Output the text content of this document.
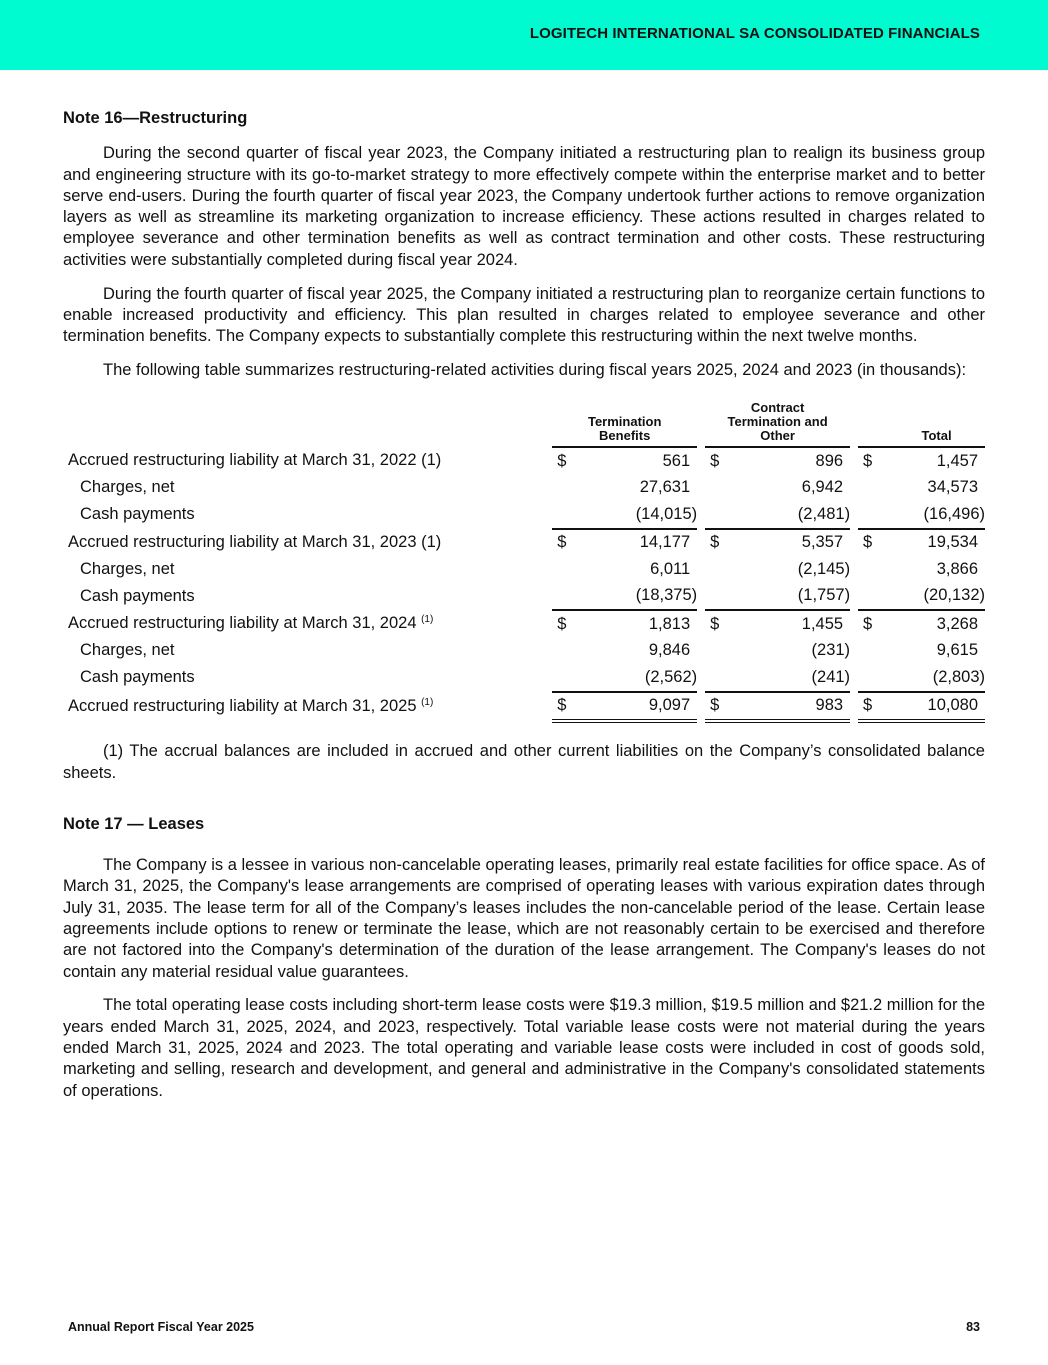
LOGITECH INTERNATIONAL SA CONSOLIDATED FINANCIALS
Note 16—Restructuring

During the second quarter of fiscal year 2023, the Company initiated a restructuring plan to realign its business group and engineering structure with its go-to-market strategy to more effectively compete within the enterprise market and to better serve end-users. During the fourth quarter of fiscal year 2023, the Company undertook further actions to remove organization layers as well as streamline its marketing organization to increase efficiency. These actions resulted in charges related to employee severance and other termination benefits as well as contract termination and other costs. These restructuring activities were substantially completed during fiscal year 2024.

During the fourth quarter of fiscal year 2025, the Company initiated a restructuring plan to reorganize certain functions to enable increased productivity and efficiency. This plan resulted in charges related to employee severance and other termination benefits. The Company expects to substantially complete this restructuring within the next twelve months.

The following table summarizes restructuring-related activities during fiscal years 2025, 2024 and 2023 (in thousands):

		Termination Benefits			Contract Termination and Other			Total	
Accrued restructuring liability at March 31, 2022 (1)		$	561		$	896		$	1,457
Charges, net			27,631			6,942			34,573
Cash payments			(14,015)			(2,481)			(16,496)
Accrued restructuring liability at March 31, 2023 (1)		$	14,177		$	5,357		$	19,534
Charges, net			6,011			(2,145)			3,866
Cash payments			(18,375)			(1,757)			(20,132)
Accrued restructuring liability at March 31, 2024 $^{(1)}$		$	1,813		$	1,455		$	3,268
Charges, net			9,846			(231)			9,615
Cash payments			(2,562)			(241)			(2,803)
Accrued restructuring liability at March 31, 2025 $^{(1)}$		$	9,097		$	983		$	10,080

(1) The accrual balances are included in accrued and other current liabilities on the Company’s consolidated balance sheets.

Note 17 — Leases

The Company is a lessee in various non-cancelable operating leases, primarily real estate facilities for office space. As of March 31, 2025, the Company's lease arrangements are comprised of operating leases with various expiration dates through July 31, 2035. The lease term for all of the Company’s leases includes the non-cancelable period of the lease. Certain lease agreements include options to renew or terminate the lease, which are not reasonably certain to be exercised and therefore are not factored into the Company's determination of the duration of the lease arrangement. The Company's leases do not contain any material residual value guarantees.

The total operating lease costs including short-term lease costs were $19.3 million, $19.5 million and $21.2 million for the years ended March 31, 2025, 2024, and 2023, respectively. Total variable lease costs were not material during the years ended March 31, 2025, 2024 and 2023. The total operating and variable lease costs were included in cost of goods sold, marketing and selling, research and development, and general and administrative in the Company's consolidated statements of operations.

Annual Report Fiscal Year 2025	83
